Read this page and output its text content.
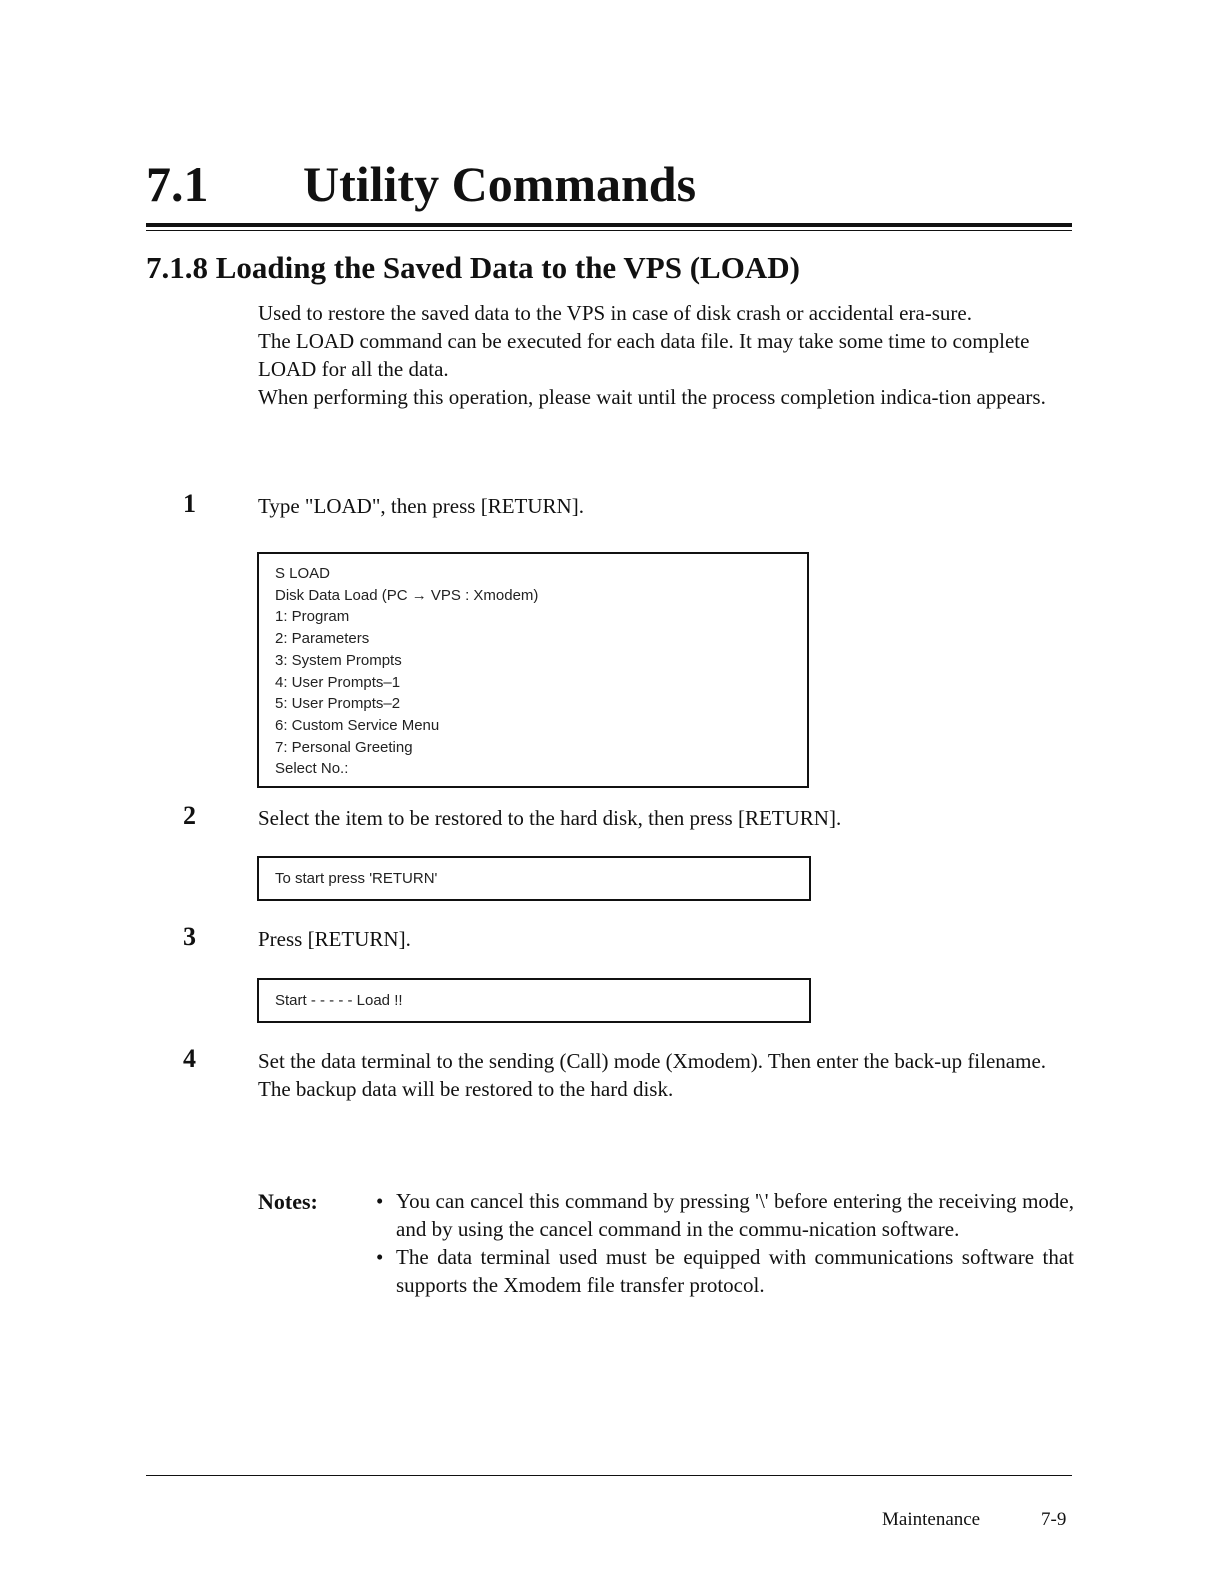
7.1 Utility Commands
7.1.8 Loading the Saved Data to the VPS (LOAD)

Used to restore the saved data to the VPS in case of disk crash or accidental era-sure.

The LOAD command can be executed for each data file. It may take some time to complete LOAD for all the data.

When performing this operation, please wait until the process completion indica-tion appears.

1	Type "LOAD", then press [RETURN].

S LOAD
Disk Data Load (PC → VPS : Xmodem)
1: Program
2: Parameters
3: System Prompts
4: User Prompts–1
5: User Prompts–2
6: Custom Service Menu
7: Personal Greeting
Select No.:
2	Select the item to be restored to the hard disk, then press [RETURN].

To start press 'RETURN'
3	Press [RETURN].

Start - - - - - Load !!
4	Set the data terminal to the sending (Call) mode (Xmodem). Then enter the back-up filename.

The backup data will be restored to the hard disk.

Notes:	• You can cancel this command by pressing '\' before entering the receiving mode, and by using the cancel command in the commu-nication software.
• The data terminal used must be equipped with communications software that supports the Xmodem file transfer protocol.
Maintenance	7-9
